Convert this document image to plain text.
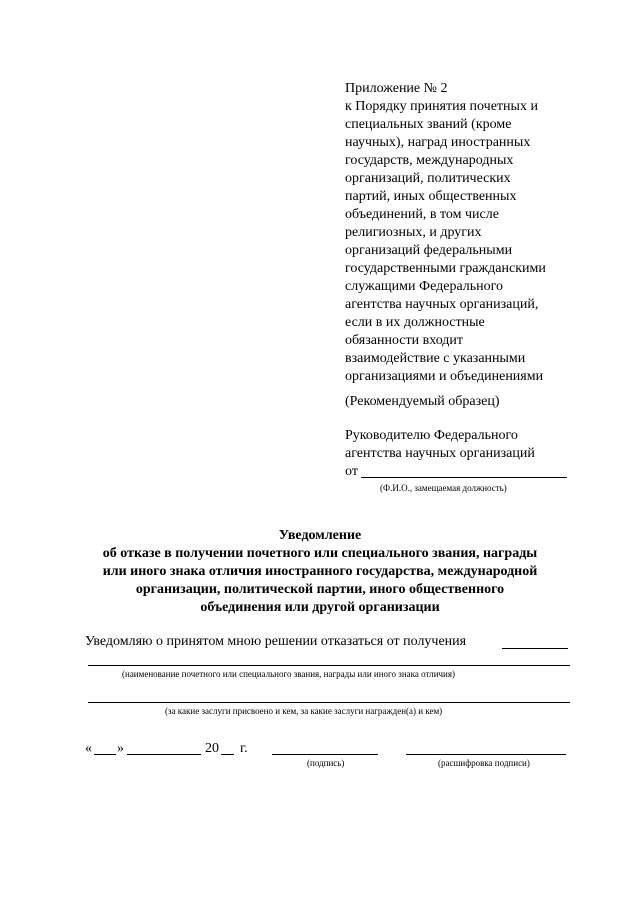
Приложение № 2
к Порядку принятия почетных и
специальных званий (кроме
научных), наград иностранных
государств, международных
организаций, политических
партий, иных общественных
объединений, в том числе
религиозных, и других
организаций федеральными
государственными гражданскими
служащими Федерального
агентства научных организаций,
если в их должностные
обязанности входит
взаимодействие с указанными
организациями и объединениями
(Рекомендуемый образец)
Руководителю Федерального
агентства научных организаций
от
(Ф.И.О., замещаемая должность)
Уведомление
об отказе в получении почетного или специального звания, награды
или иного знака отличия иностранного государства, международной
организации, политической партии, иного общественного
объединения или другой организации
Уведомляю о принятом мною решении отказаться от получения
(наименование почетного или специального звания, награды или иного знака отличия)
(за какие заслуги присвоено и кем, за какие заслуги награжден(а) и кем)
« »	20 г.
(подпись)	(расшифровка подписи)
